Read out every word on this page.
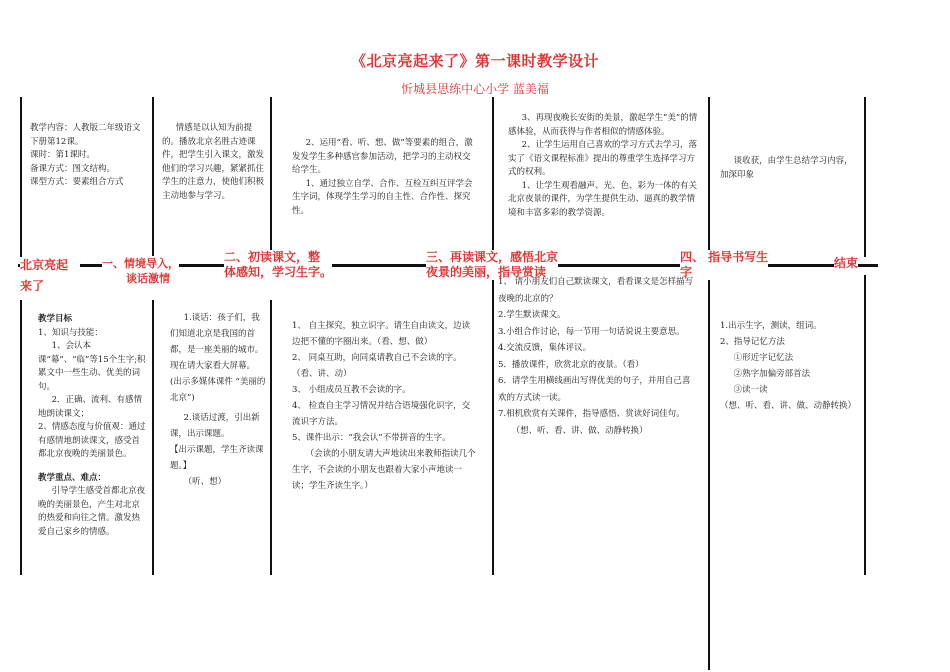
《北京亮起来了》第一课时教学设计
忻城县思练中心小学 蓝美福
北京亮起
来了
一、情境导入，
谈话激情
二、初读课文，整
体感知，学习生字。
三、再读课文，感悟北京
夜景的美丽，指导赏读
四、 指导书写生
字
结束

教学内容：人教版二年级语文下册第12课。

课时：第1课时。

备课方式：图文结构。

课型方式：要素组合方式

情感是以认知为前提的。播放北京名胜古迹课件，把学生引入课文，激发他们的学习兴趣，紧紧抓住学生的注意力，使他们积极主动地参与学习。

2、运用“看、听、想、做”等要素的组合，激发发学生多种感官参加活动，把学习的主动权交给学生。

1、通过独立自学、合作、互检互纠互评学会生字词，体现学生学习的自主性、合作性、探究性。

3、再现夜晚长安街的美景，激起学生“美”的情感体验，从而获得与作者相似的情感体验。

2、让学生运用自己喜欢的学习方式去学习，落实了《语文课程标准》提出的尊重学生选择学习方式的权利。

1、让学生观看融声、光、色、彩为一体的有关北京夜景的课件，为学生提供生动、逼真的教学情境和丰富多彩的教学资源。

谈收获，由学生总结学习内容，加深印象

教学目标

1、知识与技能：

1、会认本课“幕”、“临”等15个生字;积累文中一些生动、优美的词句。

2．正确、流利、有感情地朗读课文；

2、情感态度与价值观：通过有感情地朗读课文，感受首都北京夜晚的美丽景色。

教学重点、难点：

引导学生感受首都北京夜晚的美丽景色，产生对北京的热爱和向往之情。激发热爱自己家乡的情感。

1.谈话：孩子们，我们知道北京是我国的首都，是一座美丽的城市。现在请大家看大屏幕。(出示多媒体课件 “美丽的北京”)

2.谈话过渡，引出新课，出示课题。

【出示课题，学生齐读课题。】

（听、想）

1、 自主探究，独立识字。请生自由读文，边读边把不懂的字圈出来。（看、想、做）

2、 同桌互助，向同桌请教自己不会读的字。（看、讲、动）

3、 小组成员互教不会读的字。

4、 检查自主学习情况并结合语境强化识字，交流识字方法。

5、课件出示：“我会认”不带拼音的生字。

（会读的小朋友请大声地读出来教师指读几个生字，不会读的小朋友也跟着大家小声地读一读；学生齐读生字。）

1、 请小朋友们自己默读课文，看看课文是怎样描写夜晚的北京的？

2.学生默读课文。

3.小组合作讨论，每一节用一句话说说主要意思。

4.交流反馈，集体评议。

5．播放课件，欣赏北京的夜景。（看）

6．请学生用横线画出写得优美的句子，并用自己喜欢的方式读一读。

7.相机欣赏有关课件，指导感悟、赏读好词佳句。

（想、听、看、讲、做、动静转换）

1.出示生字，测读，组词。

2、指导记忆方法

①形近字记忆法

②熟字加偏旁部首法

③读一读

（想、听、看、讲、做、动静转换）
